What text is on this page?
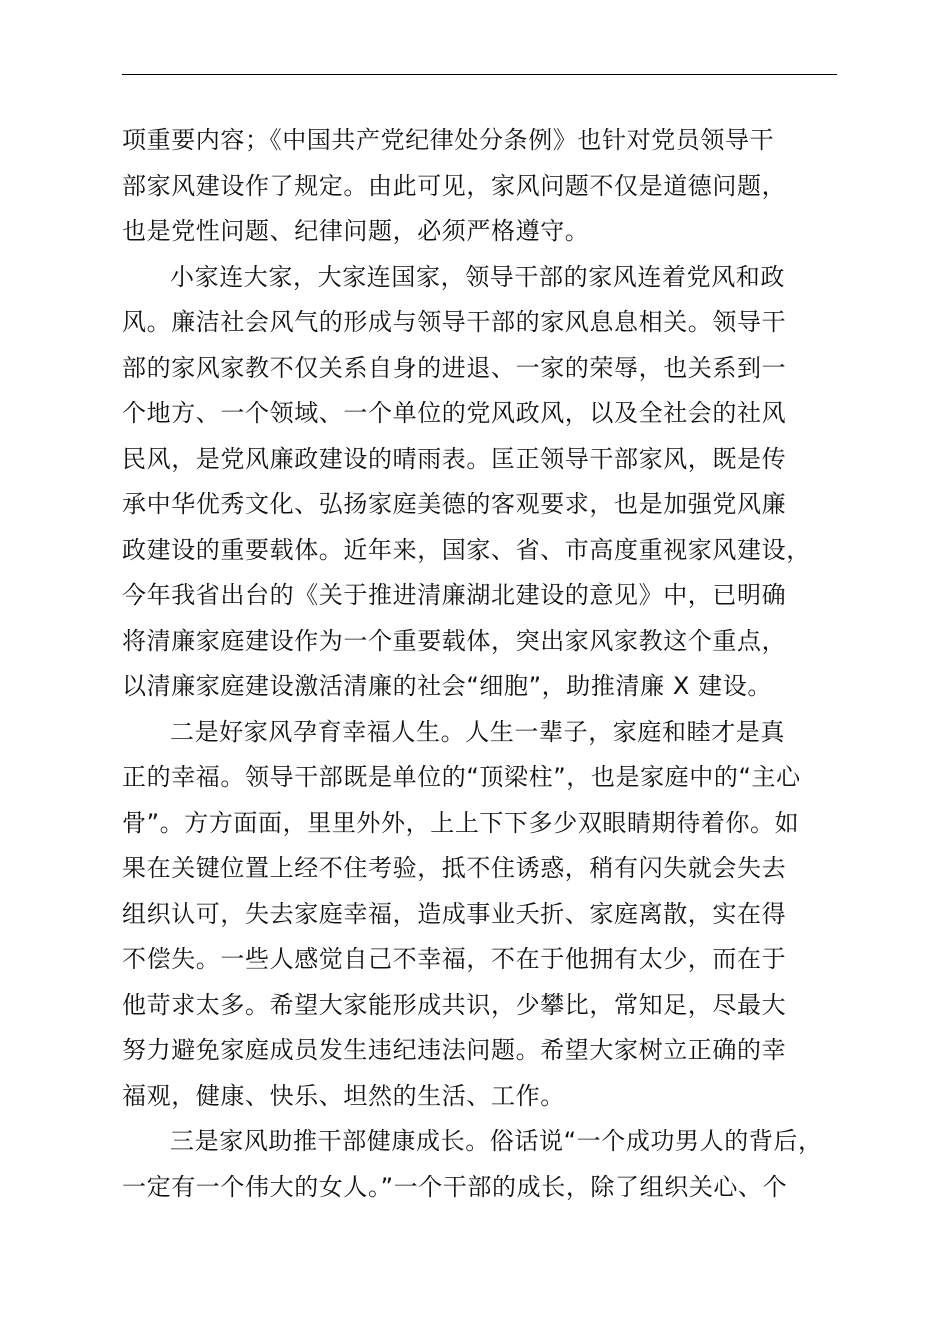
项重要内容；《中国共产党纪律处分条例》也针对党员领导干
部家风建设作了规定。由此可见，家风问题不仅是道德问题，
也是党性问题、纪律问题，必须严格遵守。
小家连大家，大家连国家，领导干部的家风连着党风和政
风。廉洁社会风气的形成与领导干部的家风息息相关。领导干
部的家风家教不仅关系自身的进退、一家的荣辱，也关系到一
个地方、一个领域、一个单位的党风政风，以及全社会的社风
民风，是党风廉政建设的晴雨表。匡正领导干部家风，既是传
承中华优秀文化、弘扬家庭美德的客观要求，也是加强党风廉
政建设的重要载体。近年来，国家、省、市高度重视家风建设，
今年我省出台的《关于推进清廉湖北建设的意见》中，已明确
将清廉家庭建设作为一个重要载体，突出家风家教这个重点，
以清廉家庭建设激活清廉的社会“细胞”，助推清廉 X 建设。
二是好家风孕育幸福人生。人生一辈子，家庭和睦才是真
正的幸福。领导干部既是单位的“顶梁柱”，也是家庭中的“主心
骨”。方方面面，里里外外，上上下下多少双眼睛期待着你。如
果在关键位置上经不住考验，抵不住诱惑，稍有闪失就会失去
组织认可，失去家庭幸福，造成事业夭折、家庭离散，实在得
不偿失。一些人感觉自己不幸福，不在于他拥有太少，而在于
他苛求太多。希望大家能形成共识，少攀比，常知足，尽最大
努力避免家庭成员发生违纪违法问题。希望大家树立正确的幸
福观，健康、快乐、坦然的生活、工作。
三是家风助推干部健康成长。俗话说“一个成功男人的背后，
一定有一个伟大的女人。”一个干部的成长，除了组织关心、个
